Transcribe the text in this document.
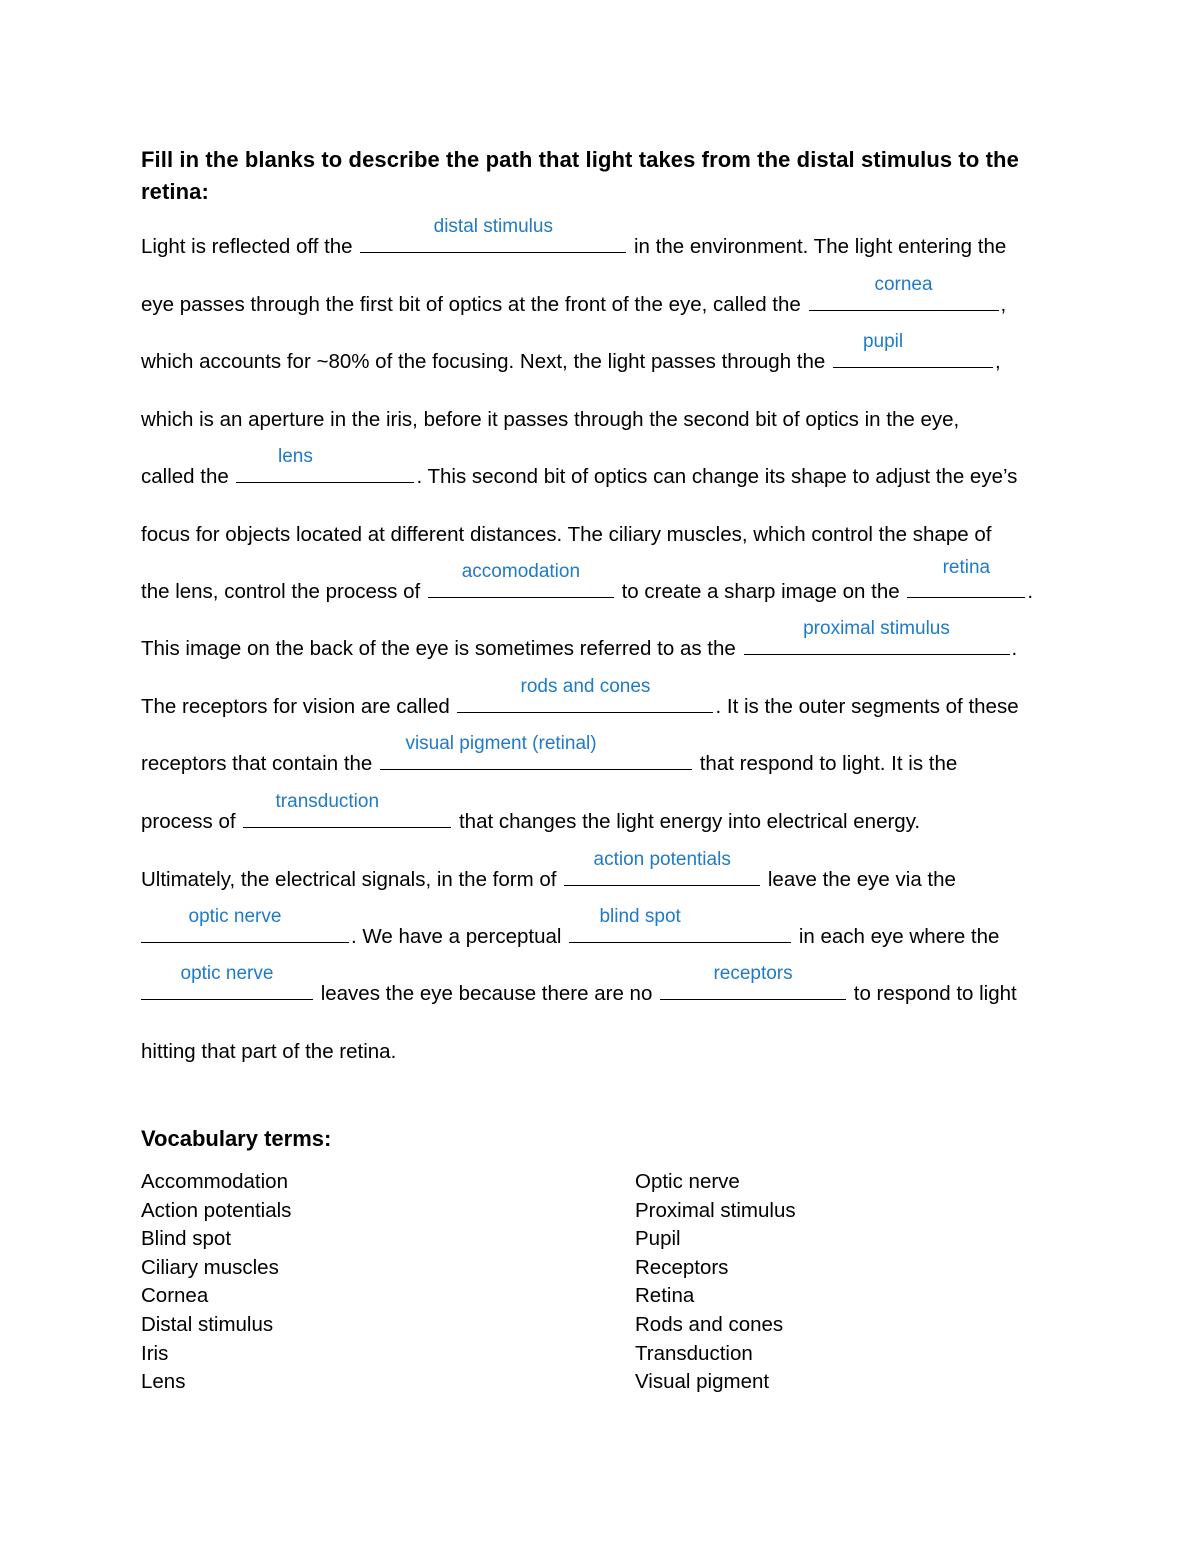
Fill in the blanks to describe the path that light takes from the distal stimulus to the retina:
Light is reflected off the
distal stimulus
in the environment. The light entering the
eye passes through the first bit of optics at the front of the eye, called the
cornea
,
which accounts for ~80% of the focusing. Next, the light passes through the
pupil
,
which is an aperture in the iris, before it passes through the second bit of optics in the eye,
called the
lens
. This second bit of optics can change its shape to adjust the eye’s
focus for objects located at different distances. The ciliary muscles, which control the shape of
the lens, control the process of
accomodation
to create a sharp image on the
retina
.
This image on the back of the eye is sometimes referred to as the
proximal stimulus
.
The receptors for vision are called
rods and cones
. It is the outer segments of these
receptors that contain the
visual pigment (retinal)
that respond to light. It is the
process of
transduction
that changes the light energy into electrical energy.
Ultimately, the electrical signals, in the form of
action potentials
leave the eye via the
optic nerve
. We have a perceptual
blind spot
in each eye where the
optic nerve
leaves the eye because there are no
receptors
to respond to light
hitting that part of the retina.
Vocabulary terms:
Accommodation
Action potentials
Blind spot
Ciliary muscles
Cornea
Distal stimulus
Iris
Lens
Optic nerve
Proximal stimulus
Pupil
Receptors
Retina
Rods and cones
Transduction
Visual pigment
